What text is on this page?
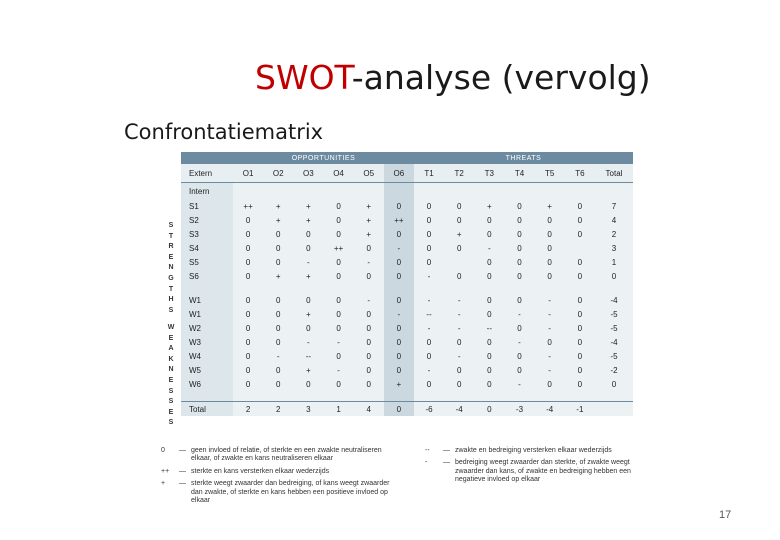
SWOT-analyse (vervolg)
Confrontatiematrix
S
T
R
E
N
G
T
H
S
W
E
A
K
N
E
S
S
E
S
	OPPORTUNITIES						THREATS						
Extern	O1	O2	O3	O4	O5	O6	T1	T2	T3	T4	T5	T6	Total
Intern													
S1	++	+	+	0	+	0	0	0	+	0	+	0	7
S2	0	+	+	0	+	++	0	0	0	0	0	0	4
S3	0	0	0	0	+	0	0	+	0	0	0	0	2
S4	0	0	0	++	0	-	0	0	-	0	0		3
S5	0	0	-	0	-	0	0		0	0	0	0	1
S6	0	+	+	0	0	0	-	0	0	0	0	0	0

W1	0	0	0	0	-	0	-	-	0	0	-	0	-4
W1	0	0	+	0	0	-	--	-	0	-	-	0	-5
W2	0	0	0	0	0	0	-	-	--	0	-	0	-5
W3	0	0	-	-	0	0	0	0	0	-	0	0	-4
W4	0	-	--	0	0	0	0	-	0	0	-	0	-5
W5	0	0	+	-	0	0	-	0	0	0	-	0	-2
W6	0	0	0	0	0	+	0	0	0	-	0	0	0

Total	2	2	3	1	4	0	-6	-4	0	-3	-4	-1	
0	— geen invloed of relatie, of sterkte en een zwakte neutraliseren elkaar, of zwakte en kans neutraliseren elkaar
++	— sterkte en kans versterken elkaar wederzijds
+	— sterkte weegt zwaarder dan bedreiging, of kans weegt zwaarder dan zwakte, of sterkte en kans hebben een positieve invloed op elkaar
--	— zwakte en bedreiging versterken elkaar wederzijds
-	— bedreiging weegt zwaarder dan sterkte, of zwakte weegt zwaarder dan kans, of zwakte en bedreiging hebben een negatieve invloed op elkaar
17
